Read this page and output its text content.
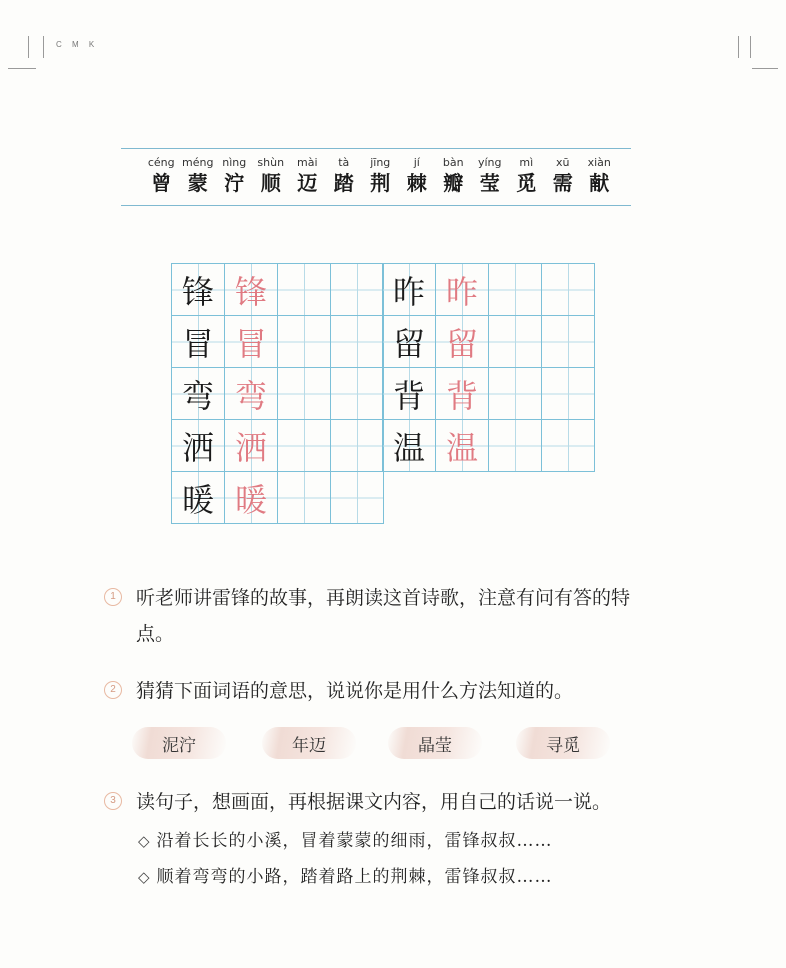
C M K
céng
曾
méng
蒙
nìng
泞
shùn
顺
mài
迈
tà
踏
jīng
荆
jí
棘
bàn
瓣
yíng
莹
mì
觅
xū
需
xiàn
献
锋	锋		
冒	冒		
弯	弯		
洒	洒		
暖	暖		
昨	昨		
留	留		
背	背		
温	温		
1	听老师讲雷锋的故事，再朗读这首诗歌，注意有问有答的特点。
2	猜猜下面词语的意思，说说你是用什么方法知道的。
泥泞	年迈	晶莹	寻觅
3	读句子，想画面，再根据课文内容，用自己的话说一说。
◇ 沿着长长的小溪，冒着蒙蒙的细雨，雷锋叔叔……
◇ 顺着弯弯的小路，踏着路上的荆棘，雷锋叔叔……
